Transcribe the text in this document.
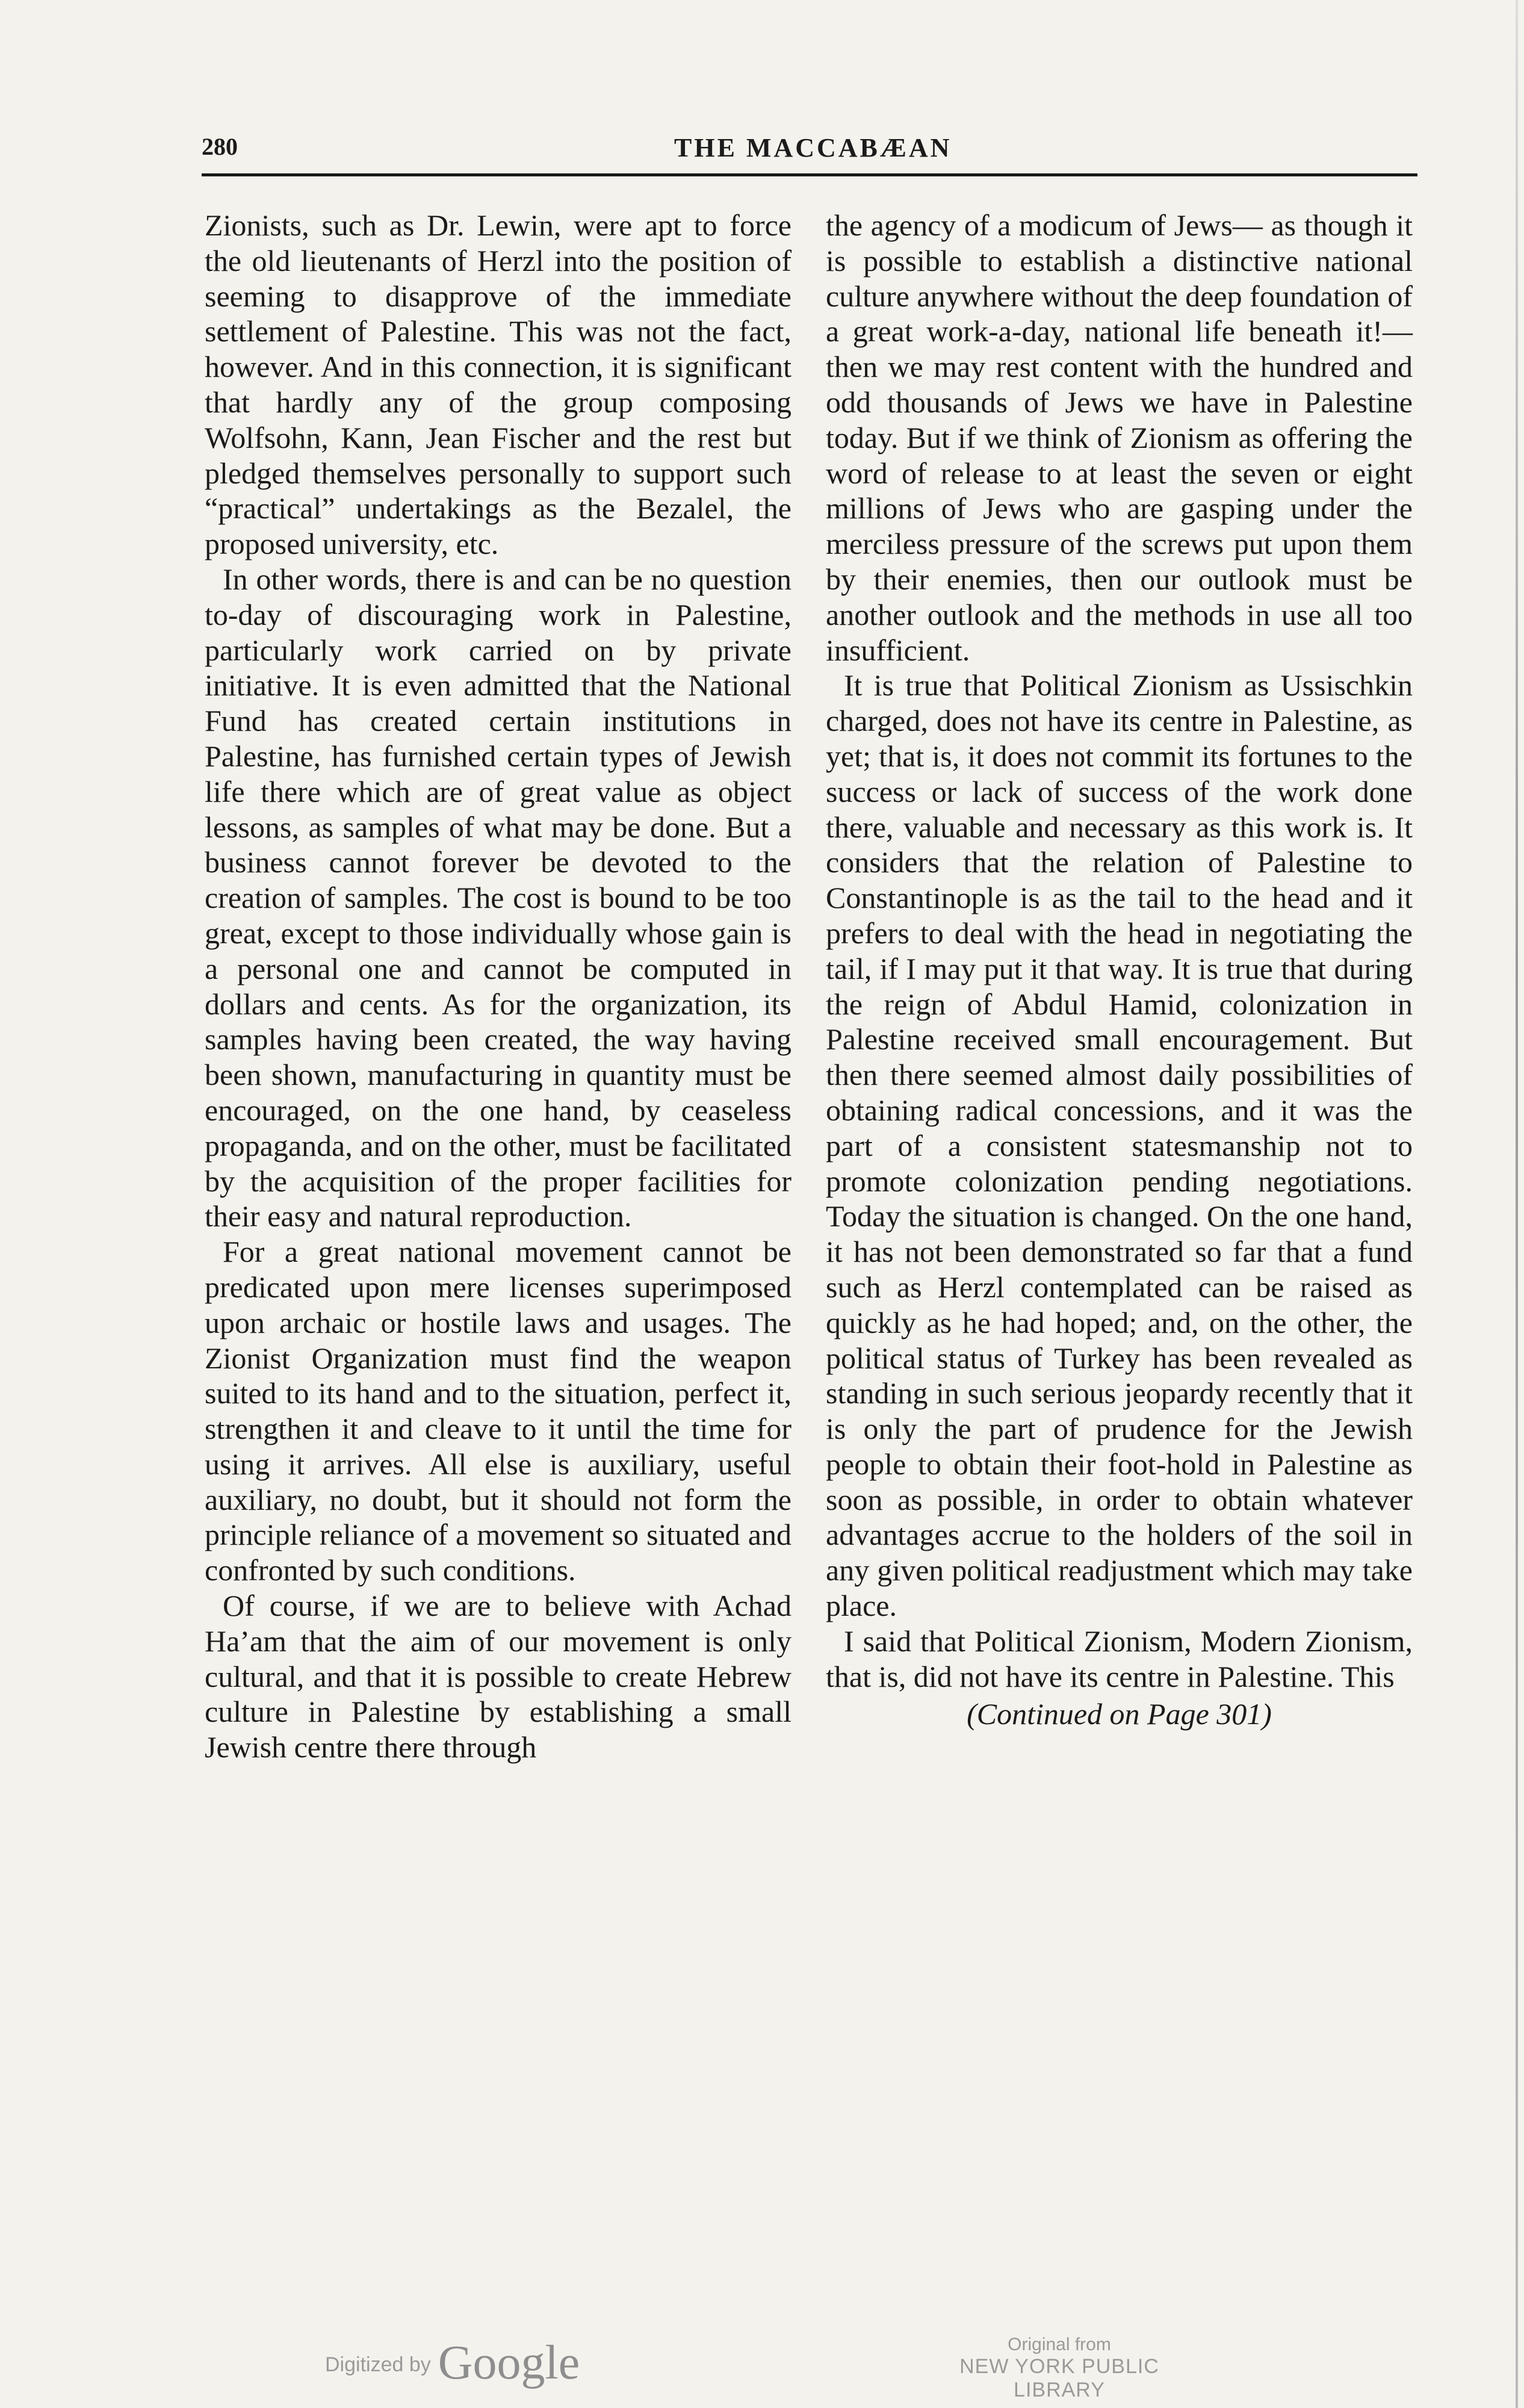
280	THE MACCABÆAN

Zionists, such as Dr. Lewin, were apt to force the old lieutenants of Herzl into the position of seeming to disapprove of the immediate settlement of Palestine. This was not the fact, however. And in this connection, it is significant that hardly any of the group composing Wolfsohn, Kann, Jean Fischer and the rest but pledged themselves personally to support such “practical” undertakings as the Bezalel, the proposed university, etc.

In other words, there is and can be no question to-day of discouraging work in Palestine, particularly work carried on by private initiative. It is even admitted that the National Fund has created certain institutions in Palestine, has furnished certain types of Jewish life there which are of great value as object lessons, as samples of what may be done. But a business cannot forever be devoted to the creation of samples. The cost is bound to be too great, except to those individually whose gain is a personal one and cannot be computed in dollars and cents. As for the organization, its samples having been created, the way having been shown, manufacturing in quantity must be encouraged, on the one hand, by ceaseless propaganda, and on the other, must be facilitated by the acquisition of the proper facilities for their easy and natural reproduction.

For a great national movement cannot be predicated upon mere licenses superimposed upon archaic or hostile laws and usages. The Zionist Organization must find the weapon suited to its hand and to the situation, perfect it, strengthen it and cleave to it until the time for using it arrives. All else is auxiliary, useful auxiliary, no doubt, but it should not form the principle reliance of a movement so situated and confronted by such conditions.

Of course, if we are to believe with Achad Ha’am that the aim of our movement is only cultural, and that it is possible to create Hebrew culture in Palestine by establishing a small Jewish centre there through

the agency of a modicum of Jews— as though it is possible to establish a distinctive national culture anywhere without the deep foundation of a great work-a-day, national life beneath it!—then we may rest content with the hundred and odd thousands of Jews we have in Palestine today. But if we think of Zionism as offering the word of release to at least the seven or eight millions of Jews who are gasping under the merciless pressure of the screws put upon them by their enemies, then our outlook must be another outlook and the methods in use all too insufficient.

It is true that Political Zionism as Ussischkin charged, does not have its centre in Palestine, as yet; that is, it does not commit its fortunes to the success or lack of success of the work done there, valuable and necessary as this work is. It considers that the relation of Palestine to Constantinople is as the tail to the head and it prefers to deal with the head in negotiating the tail, if I may put it that way. It is true that during the reign of Abdul Hamid, colonization in Palestine received small encouragement. But then there seemed almost daily possibilities of obtaining radical concessions, and it was the part of a consistent statesmanship not to promote colonization pending negotiations. Today the situation is changed. On the one hand, it has not been demonstrated so far that a fund such as Herzl contemplated can be raised as quickly as he had hoped; and, on the other, the political status of Turkey has been revealed as standing in such serious jeopardy recently that it is only the part of prudence for the Jewish people to obtain their foot-hold in Palestine as soon as possible, in order to obtain whatever advantages accrue to the holders of the soil in any given political readjustment which may take place.

I said that Political Zionism, Modern Zionism, that is, did not have its centre in Palestine. This

(Continued on Page 301)
Digitized by Google	Original from
NEW YORK PUBLIC LIBRARY
